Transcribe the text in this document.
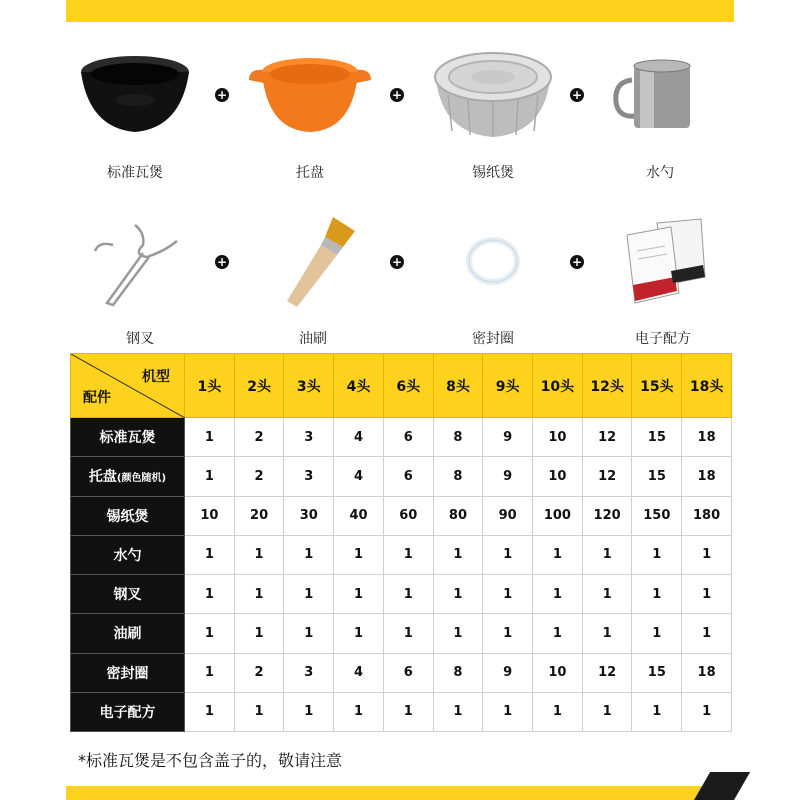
标准瓦煲
+
托盘
+
锡纸煲
+
水勺
钢叉
+
油刷
+
密封圈
+
电子配方
机型
配件	1头	2头	3头	4头	6头	8头	9头	10头	12头	15头	18头
标准瓦煲	1	2	3	4	6	8	9	10	12	15	18
托盘(颜色随机)	1	2	3	4	6	8	9	10	12	15	18
锡纸煲	10	20	30	40	60	80	90	100	120	150	180
水勺	1	1	1	1	1	1	1	1	1	1	1
钢叉	1	1	1	1	1	1	1	1	1	1	1
油刷	1	1	1	1	1	1	1	1	1	1	1
密封圈	1	2	3	4	6	8	9	10	12	15	18
电子配方	1	1	1	1	1	1	1	1	1	1	1
*标准瓦煲是不包含盖子的，敬请注意
